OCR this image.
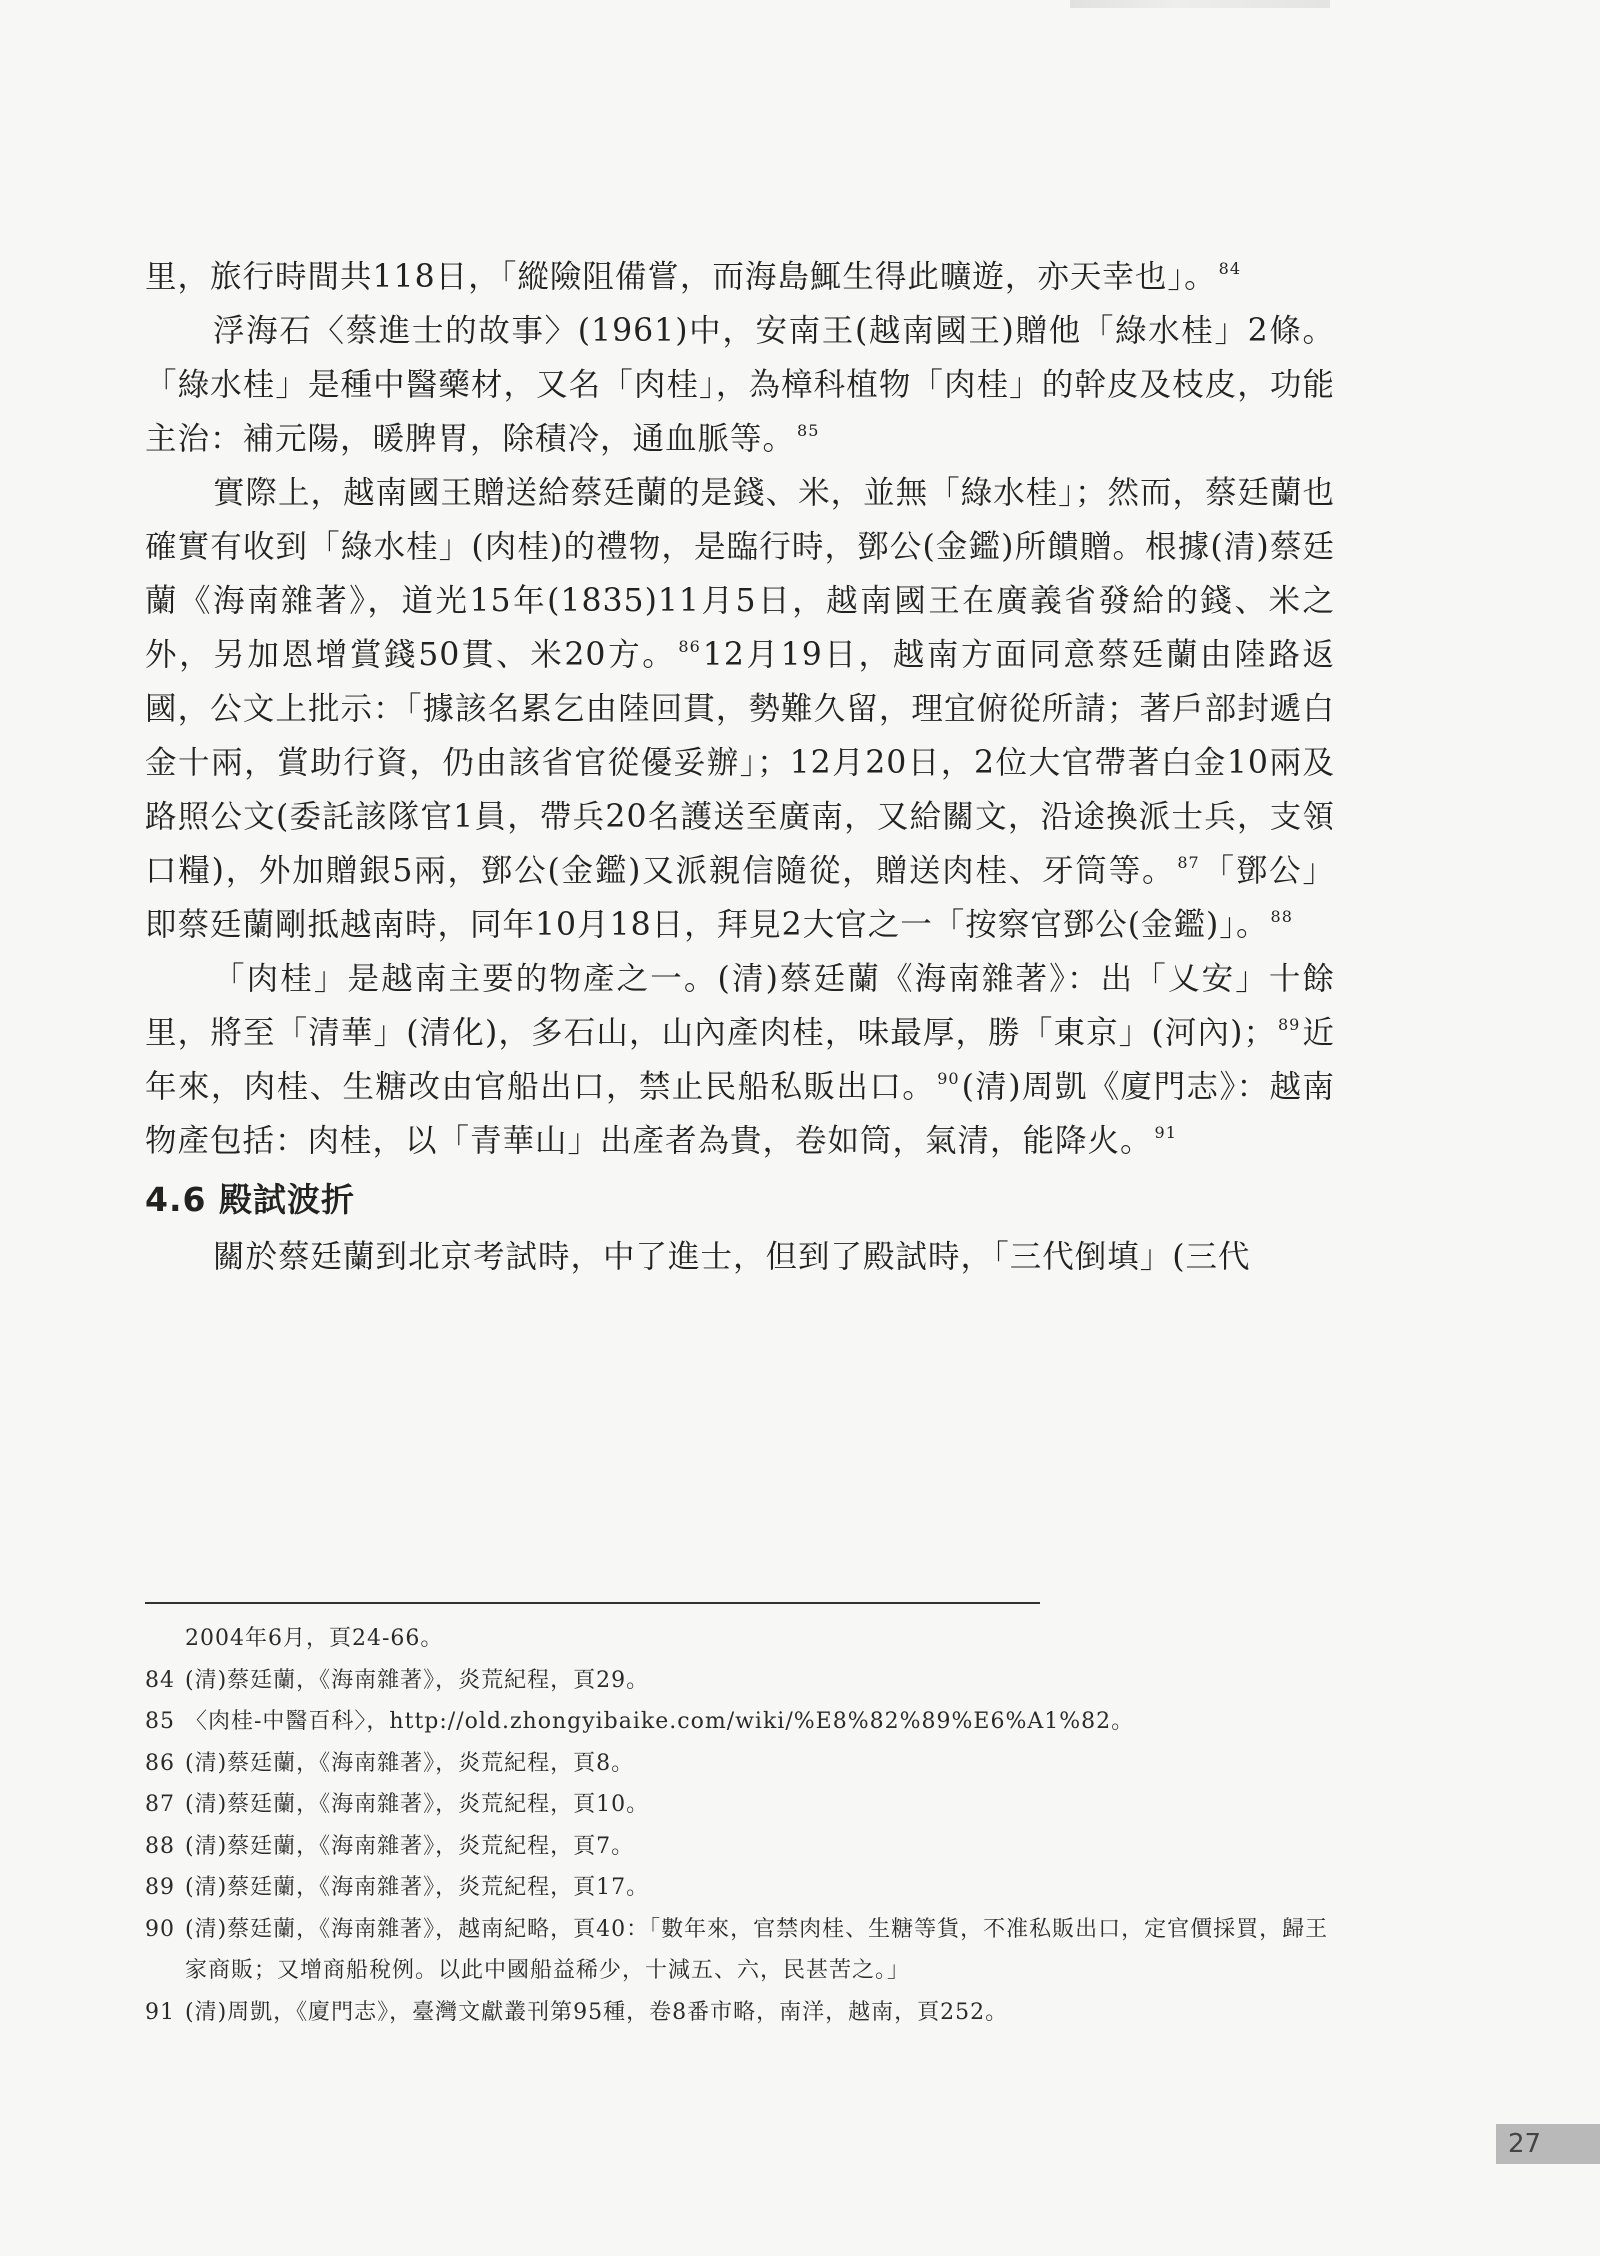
里，旅行時間共118日，「縱險阻備嘗，而海島鮿生得此曠遊，亦天幸也」。 $^{84}$

浮海石〈蔡進士的故事〉(1961)中，安南王(越南國王)贈他「綠水桂」2條。「綠水桂」是種中醫藥材，又名「肉桂」，為樟科植物「肉桂」的幹皮及枝皮，功能主治：補元陽，暖脾胃，除積冷，通血脈等。 $^{85}$

實際上，越南國王贈送給蔡廷蘭的是錢、米，並無「綠水桂」；然而，蔡廷蘭也確實有收到「綠水桂」(肉桂)的禮物，是臨行時，鄧公(金鑑)所饋贈。根據(清)蔡廷蘭《海南雜著》，道光15年(1835)11月5日，越南國王在廣義省發給的錢、米之外，另加恩增賞錢50貫、米20方。 $^{86}$12月19日，越南方面同意蔡廷蘭由陸路返國，公文上批示：「據該名累乞由陸回貫，勢難久留，理宜俯從所請；著戶部封遞白金十兩，賞助行資，仍由該省官從優妥辦」；12月20日，2位大官帶著白金10兩及路照公文(委託該隊官1員，帶兵20名護送至廣南，又給關文，沿途換派士兵，支領口糧)，外加贈銀5兩，鄧公(金鑑)又派親信隨從，贈送肉桂、牙筒等。 $^{87}$「鄧公」即蔡廷蘭剛抵越南時，同年10月18日，拜見2大官之一「按察官鄧公(金鑑)」。 $^{88}$

「肉桂」是越南主要的物產之一。(清)蔡廷蘭《海南雜著》：出「乂安」十餘里，將至「清華」(清化)，多石山，山內產肉桂，味最厚，勝「東京」(河內)； $^{89}$近年來，肉桂、生糖改由官船出口，禁止民船私販出口。 $^{90}$(清)周凱《廈門志》：越南物產包括：肉桂，以「青華山」出產者為貴，卷如筒，氣清，能降火。 $^{91}$

4.6 殿試波折

關於蔡廷蘭到北京考試時，中了進士，但到了殿試時，「三代倒填」(三代

2004年6月，頁24-66。
84 (清)蔡廷蘭，《海南雜著》，炎荒紀程，頁29。
85 〈肉桂-中醫百科〉，http://old.zhongyibaike.com/wiki/%E8%82%89%E6%A1%82。
86 (清)蔡廷蘭，《海南雜著》，炎荒紀程，頁8。
87 (清)蔡廷蘭，《海南雜著》，炎荒紀程，頁10。
88 (清)蔡廷蘭，《海南雜著》，炎荒紀程，頁7。
89 (清)蔡廷蘭，《海南雜著》，炎荒紀程，頁17。
90 (清)蔡廷蘭，《海南雜著》，越南紀略，頁40：「數年來，官禁肉桂、生糖等貨，不准私販出口，定官價採買，歸王家商販；又增商船稅例。以此中國船益稀少，十減五、六，民甚苦之。」
91 (清)周凱，《廈門志》，臺灣文獻叢刊第95種，卷8番市略，南洋，越南，頁252。
27
